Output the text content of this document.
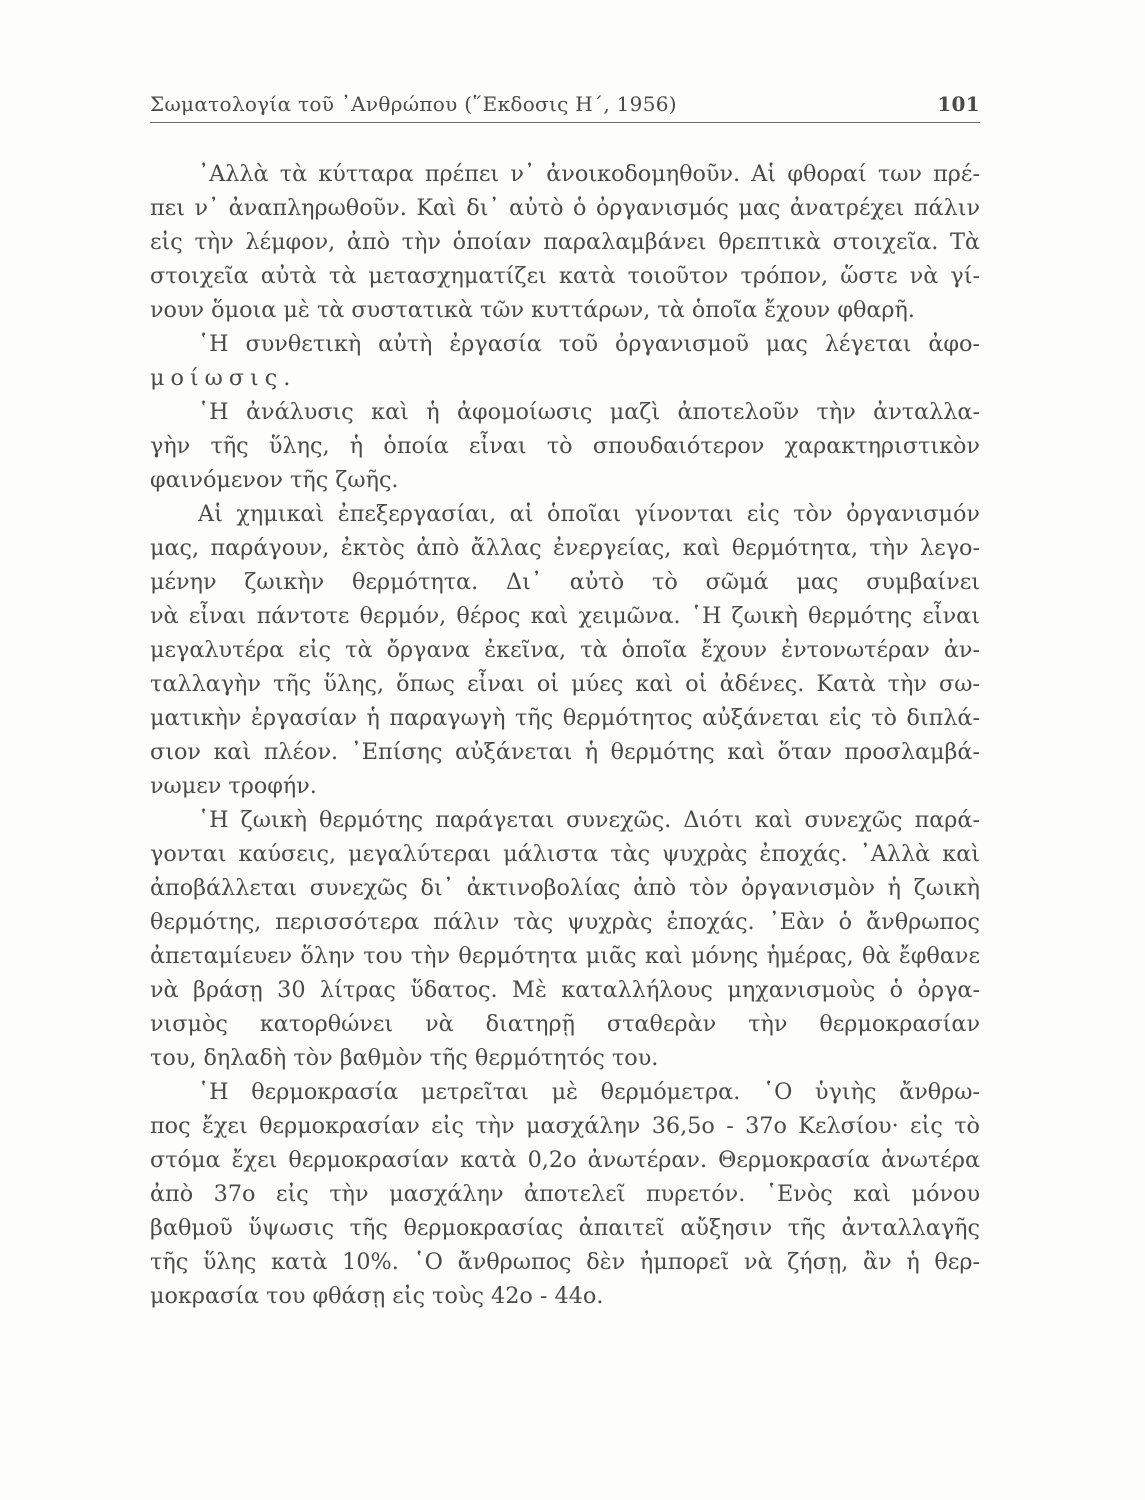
Σωματολογία τοῦ ᾿Ανθρώπου (῞Εκδοσις Η΄, 1956)	101

᾿Αλλὰ τὰ κύτταρα πρέπει ν᾿ ἀνοικοδομηθοῦν. Αἱ φθοραί των πρέ-
πει ν᾿ ἀναπληρωθοῦν. Καὶ δι᾿ αὐτὸ ὁ ὀργανισμός μας ἀνατρέχει πάλιν
εἰς τὴν λέμφον, ἀπὸ τὴν ὁποίαν παραλαμβάνει θρεπτικὰ στοιχεῖα. Τὰ
στοιχεῖα αὐτὰ τὰ μετασχηματίζει κατὰ τοιοῦτον τρόπον, ὥστε νὰ γί-
νουν ὅμοια μὲ τὰ συστατικὰ τῶν κυττάρων, τὰ ὁποῖα ἔχουν φθαρῆ.

῾Η συνθετικὴ αὐτὴ ἐργασία τοῦ ὀργανισμοῦ μας λέγεται ἀφο-
μοίωσις.

῾Η ἀνάλυσις καὶ ἡ ἀφομοίωσις μαζὶ ἀποτελοῦν τὴν ἀνταλλα-
γὴν τῆς ὕλης, ἡ ὁποία εἶναι τὸ σπουδαιότερον χαρακτηριστικὸν
φαινόμενον τῆς ζωῆς.

Αἱ χημικαὶ ἐπεξεργασίαι, αἱ ὁποῖαι γίνονται εἰς τὸν ὀργανισμόν
μας, παράγουν, ἐκτὸς ἀπὸ ἄλλας ἐνεργείας, καὶ θερμότητα, τὴν λεγο-
μένην ζωικὴν θερμότητα. Δι᾿ αὐτὸ τὸ σῶμά μας συμβαίνει
νὰ εἶναι πάντοτε θερμόν, θέρος καὶ χειμῶνα. ῾Η ζωικὴ θερμότης εἶναι
μεγαλυτέρα εἰς τὰ ὄργανα ἐκεῖνα, τὰ ὁποῖα ἔχουν ἐντονωτέραν ἀν-
ταλλαγὴν τῆς ὕλης, ὅπως εἶναι οἱ μύες καὶ οἱ ἀδένες. Κατὰ τὴν σω-
ματικὴν ἐργασίαν ἡ παραγωγὴ τῆς θερμότητος αὐξάνεται εἰς τὸ διπλά-
σιον καὶ πλέον. ᾿Επίσης αὐξάνεται ἡ θερμότης καὶ ὅταν προσλαμβά-
νωμεν τροφήν.

῾Η ζωικὴ θερμότης παράγεται συνεχῶς. Διότι καὶ συνεχῶς παρά-
γονται καύσεις, μεγαλύτεραι μάλιστα τὰς ψυχρὰς ἐποχάς. ᾿Αλλὰ καὶ
ἀποβάλλεται συνεχῶς δι᾿ ἀκτινοβολίας ἀπὸ τὸν ὀργανισμὸν ἡ ζωικὴ
θερμότης, περισσότερα πάλιν τὰς ψυχρὰς ἐποχάς. ᾿Εὰν ὁ ἄνθρωπος
ἀπεταμίευεν ὅλην του τὴν θερμότητα μιᾶς καὶ μόνης ἡμέρας, θὰ ἔφθανε
νὰ βράσῃ 30 λίτρας ὕδατος. Μὲ καταλλήλους μηχανισμοὺς ὁ ὀργα-
νισμὸς κατορθώνει νὰ διατηρῇ σταθερὰν τὴν θερμοκρασίαν
του, δηλαδὴ τὸν βαθμὸν τῆς θερμότητός του.

῾Η θερμοκρασία μετρεῖται μὲ θερμόμετρα. ῾Ο ὑγιὴς ἄνθρω-
πος ἔχει θερμοκρασίαν εἰς τὴν μασχάλην 36,5ο - 37ο Κελσίου· εἰς τὸ
στόμα ἔχει θερμοκρασίαν κατὰ 0,2ο ἀνωτέραν. Θερμοκρασία ἀνωτέρα
ἀπὸ 37ο εἰς τὴν μασχάλην ἀποτελεῖ πυρετόν. ῾Ενὸς καὶ μόνου
βαθμοῦ ὕψωσις τῆς θερμοκρασίας ἀπαιτεῖ αὔξησιν τῆς ἀνταλλαγῆς
τῆς ὕλης κατὰ 10%. ῾Ο ἄνθρωπος δὲν ἠμπορεῖ νὰ ζήσῃ, ἂν ἡ θερ-
μοκρασία του φθάσῃ εἰς τοὺς 42ο - 44ο.
